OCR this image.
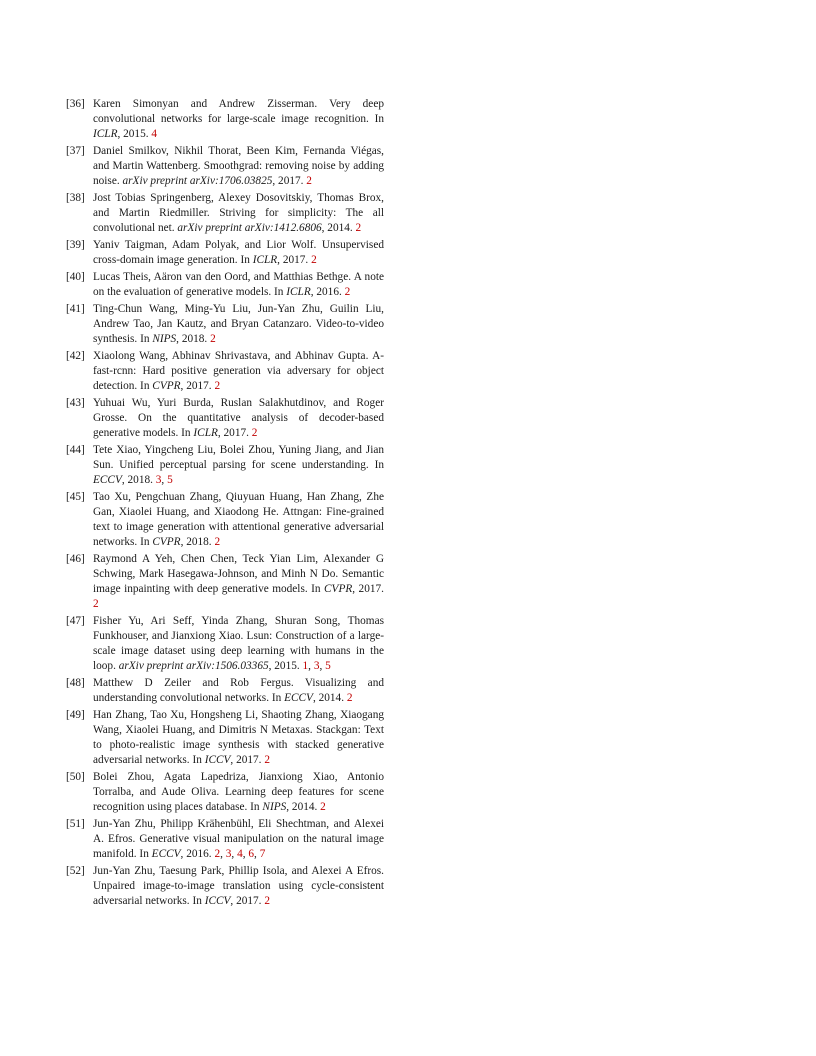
[36] Karen Simonyan and Andrew Zisserman. Very deep convolutional networks for large-scale image recognition. In ICLR, 2015. 4
[37] Daniel Smilkov, Nikhil Thorat, Been Kim, Fernanda Viégas, and Martin Wattenberg. Smoothgrad: removing noise by adding noise. arXiv preprint arXiv:1706.03825, 2017. 2
[38] Jost Tobias Springenberg, Alexey Dosovitskiy, Thomas Brox, and Martin Riedmiller. Striving for simplicity: The all convolutional net. arXiv preprint arXiv:1412.6806, 2014. 2
[39] Yaniv Taigman, Adam Polyak, and Lior Wolf. Unsupervised cross-domain image generation. In ICLR, 2017. 2
[40] Lucas Theis, Aäron van den Oord, and Matthias Bethge. A note on the evaluation of generative models. In ICLR, 2016. 2
[41] Ting-Chun Wang, Ming-Yu Liu, Jun-Yan Zhu, Guilin Liu, Andrew Tao, Jan Kautz, and Bryan Catanzaro. Video-to-video synthesis. In NIPS, 2018. 2
[42] Xiaolong Wang, Abhinav Shrivastava, and Abhinav Gupta. A-fast-rcnn: Hard positive generation via adversary for object detection. In CVPR, 2017. 2
[43] Yuhuai Wu, Yuri Burda, Ruslan Salakhutdinov, and Roger Grosse. On the quantitative analysis of decoder-based generative models. In ICLR, 2017. 2
[44] Tete Xiao, Yingcheng Liu, Bolei Zhou, Yuning Jiang, and Jian Sun. Unified perceptual parsing for scene understanding. In ECCV, 2018. 3, 5
[45] Tao Xu, Pengchuan Zhang, Qiuyuan Huang, Han Zhang, Zhe Gan, Xiaolei Huang, and Xiaodong He. Attngan: Fine-grained text to image generation with attentional generative adversarial networks. In CVPR, 2018. 2
[46] Raymond A Yeh, Chen Chen, Teck Yian Lim, Alexander G Schwing, Mark Hasegawa-Johnson, and Minh N Do. Semantic image inpainting with deep generative models. In CVPR, 2017. 2
[47] Fisher Yu, Ari Seff, Yinda Zhang, Shuran Song, Thomas Funkhouser, and Jianxiong Xiao. Lsun: Construction of a large-scale image dataset using deep learning with humans in the loop. arXiv preprint arXiv:1506.03365, 2015. 1, 3, 5
[48] Matthew D Zeiler and Rob Fergus. Visualizing and understanding convolutional networks. In ECCV, 2014. 2
[49] Han Zhang, Tao Xu, Hongsheng Li, Shaoting Zhang, Xiaogang Wang, Xiaolei Huang, and Dimitris N Metaxas. Stackgan: Text to photo-realistic image synthesis with stacked generative adversarial networks. In ICCV, 2017. 2
[50] Bolei Zhou, Agata Lapedriza, Jianxiong Xiao, Antonio Torralba, and Aude Oliva. Learning deep features for scene recognition using places database. In NIPS, 2014. 2
[51] Jun-Yan Zhu, Philipp Krähenbühl, Eli Shechtman, and Alexei A. Efros. Generative visual manipulation on the natural image manifold. In ECCV, 2016. 2, 3, 4, 6, 7
[52] Jun-Yan Zhu, Taesung Park, Phillip Isola, and Alexei A Efros. Unpaired image-to-image translation using cycle-consistent adversarial networks. In ICCV, 2017. 2
